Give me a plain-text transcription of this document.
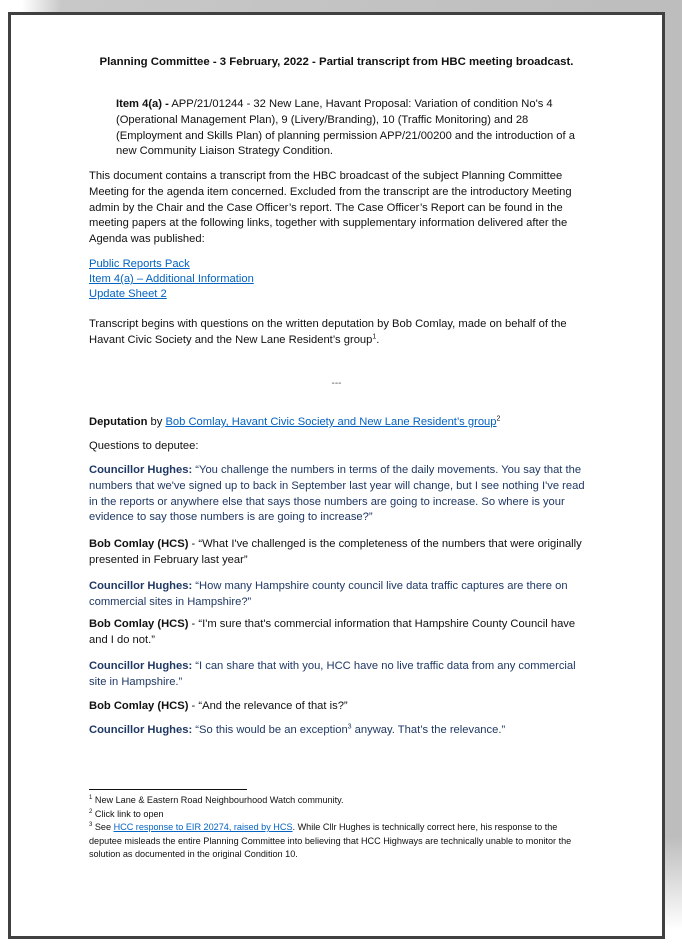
Planning Committee - 3 February, 2022 - Partial transcript from HBC meeting broadcast.
Item 4(a) - APP/21/01244 - 32 New Lane, Havant Proposal: Variation of condition No's 4 (Operational Management Plan), 9 (Livery/Branding), 10 (Traffic Monitoring) and 28 (Employment and Skills Plan) of planning permission APP/21/00200 and the introduction of a new Community Liaison Strategy Condition.
This document contains a transcript from the HBC broadcast of the subject Planning Committee Meeting for the agenda item concerned. Excluded from the transcript are the introductory Meeting admin by the Chair and the Case Officer’s report. The Case Officer’s Report can be found in the meeting papers at the following links, together with supplementary information delivered after the Agenda was published:
Public Reports Pack
Item 4(a) – Additional Information
Update Sheet 2
Transcript begins with questions on the written deputation by Bob Comlay, made on behalf of the Havant Civic Society and the New Lane Resident’s group$^1$.
---
Deputation by Bob Comlay, Havant Civic Society and New Lane Resident’s group$^2$
Questions to deputee:
Councillor Hughes: “You challenge the numbers in terms of the daily movements. You say that the numbers that we've signed up to back in September last year will change, but I see nothing I've read in the reports or anywhere else that says those numbers are going to increase. So where is your evidence to say those numbers is are going to increase?”
Bob Comlay (HCS) - “What I've challenged is the completeness of the numbers that were originally presented in February last year”
Councillor Hughes: “How many Hampshire county council live data traffic captures are there on commercial sites in Hampshire?”
Bob Comlay (HCS) - “I'm sure that's commercial information that Hampshire County Council have and I do not.”
Councillor Hughes: “I can share that with you, HCC have no live traffic data from any commercial site in Hampshire.”
Bob Comlay (HCS) - “And the relevance of that is?”
Councillor Hughes: “So this would be an exception$^3$ anyway. That’s the relevance.”
$^1$ New Lane & Eastern Road Neighbourhood Watch community.
$^2$ Click link to open
$^3$ See HCC response to EIR 20274, raised by HCS. While Cllr Hughes is technically correct here, his response to the deputee misleads the entire Planning Committee into believing that HCC Highways are technically unable to monitor the solution as documented in the original Condition 10.
